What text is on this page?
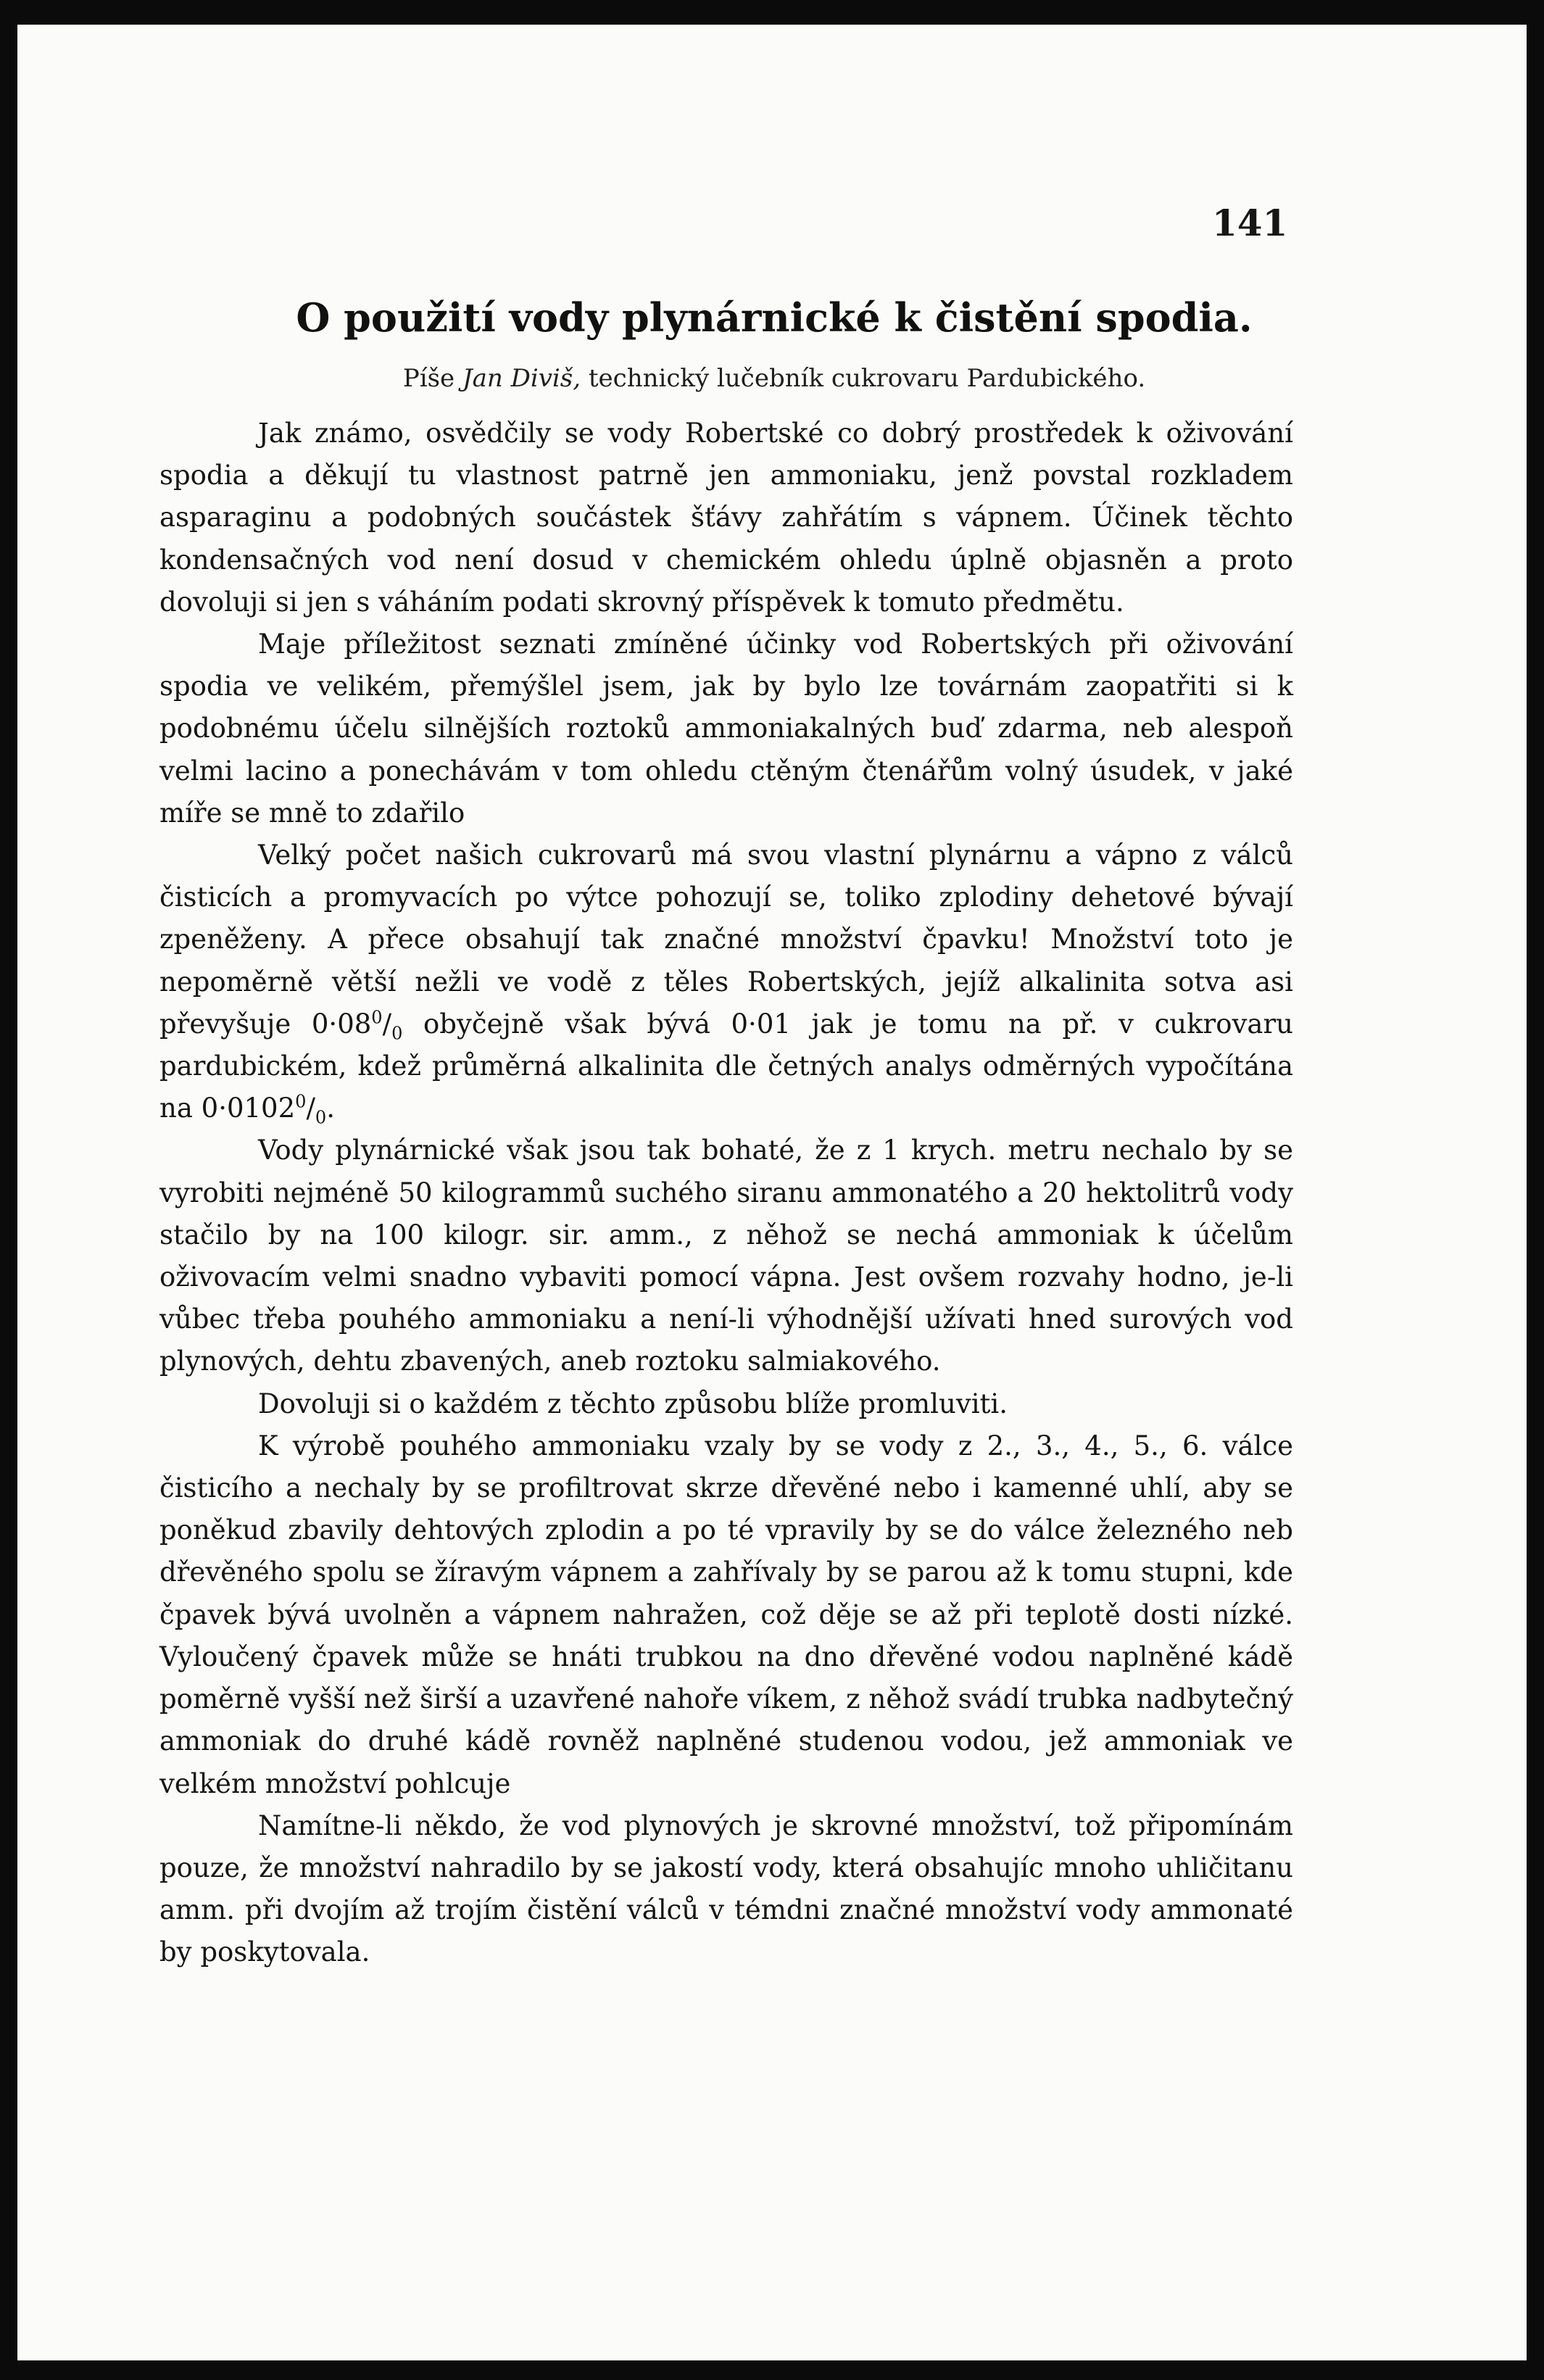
141
O použití vody plynárnické k čistění spodia.
Píše Jan Diviš, technický lučebník cukrovaru Pardubického.

Jak známo, osvědčily se vody Robertské co dobrý prostředek k oživování spodia a děkují tu vlastnost patrně jen ammoniaku, jenž povstal rozkladem asparaginu a podobných součástek šťávy zahřátím s vápnem. Účinek těchto kondensačných vod není dosud v chemickém ohledu úplně objasněn a proto dovoluji si jen s váháním podati skrovný příspěvek k tomuto předmětu.

Maje příležitost seznati zmíněné účinky vod Robertských při oživování spodia ve velikém, přemýšlel jsem, jak by bylo lze továrnám zaopatřiti si k podobnému účelu silnějších roztoků ammoniakalných buď zdarma, neb alespoň velmi lacino a ponechávám v tom ohledu ctěným čtenářům volný úsudek, v jaké míře se mně to zdařilo

Velký počet našich cukrovarů má svou vlastní plynárnu a vápno z válců čisticích a promyvacích po výtce pohozují se, toliko zplodiny dehetové bývají zpeněženy. A přece obsahují tak značné množství čpavku! Množství toto je nepoměrně větší nežli ve vodě z těles Robertských, jejíž alkalinita sotva asi převyšuje $0\cdot 08^0/_0$ obyčejně však bývá 0·01 jak je tomu na př. v cukrovaru pardubickém, kdež průměrná alkalinita dle četných analys odměrných vypočítána na $0\cdot 0102^0/_0$.

Vody plynárnické však jsou tak bohaté, že z 1 krych. metru nechalo by se vyrobiti nejméně 50 kilogrammů suchého siranu ammonatého a 20 hektolitrů vody stačilo by na 100 kilogr. sir. amm., z něhož se nechá ammoniak k účelům oživovacím velmi snadno vybaviti pomocí vápna. Jest ovšem rozvahy hodno, je-li vůbec třeba pouhého ammoniaku a není-li výhodnější užívati hned surových vod plynových, dehtu zbavených, aneb roztoku salmiakového.

Dovoluji si o každém z těchto způsobu blíže promluviti.

K výrobě pouhého ammoniaku vzaly by se vody z 2., 3., 4., 5., 6. válce čisticího a nechaly by se profiltrovat skrze dřevěné nebo i kamenné uhlí, aby se poněkud zbavily dehtových zplodin a po té vpravily by se do válce železného neb dřevěného spolu se žíravým vápnem a zahřívaly by se parou až k tomu stupni, kde čpavek bývá uvolněn a vápnem nahražen, což děje se až při teplotě dosti nízké. Vyloučený čpavek může se hnáti trubkou na dno dřevěné vodou naplněné kádě poměrně vyšší než širší a uzavřené nahoře víkem, z něhož svádí trubka nadbytečný ammoniak do druhé kádě rovněž naplněné studenou vodou, jež ammoniak ve velkém množství pohlcuje

Namítne-li někdo, že vod plynových je skrovné množství, tož připomínám pouze, že množství nahradilo by se jakostí vody, která obsahujíc mnoho uhličitanu amm. při dvojím až trojím čistění válců v témdni značné množství vody ammonaté by poskytovala.
